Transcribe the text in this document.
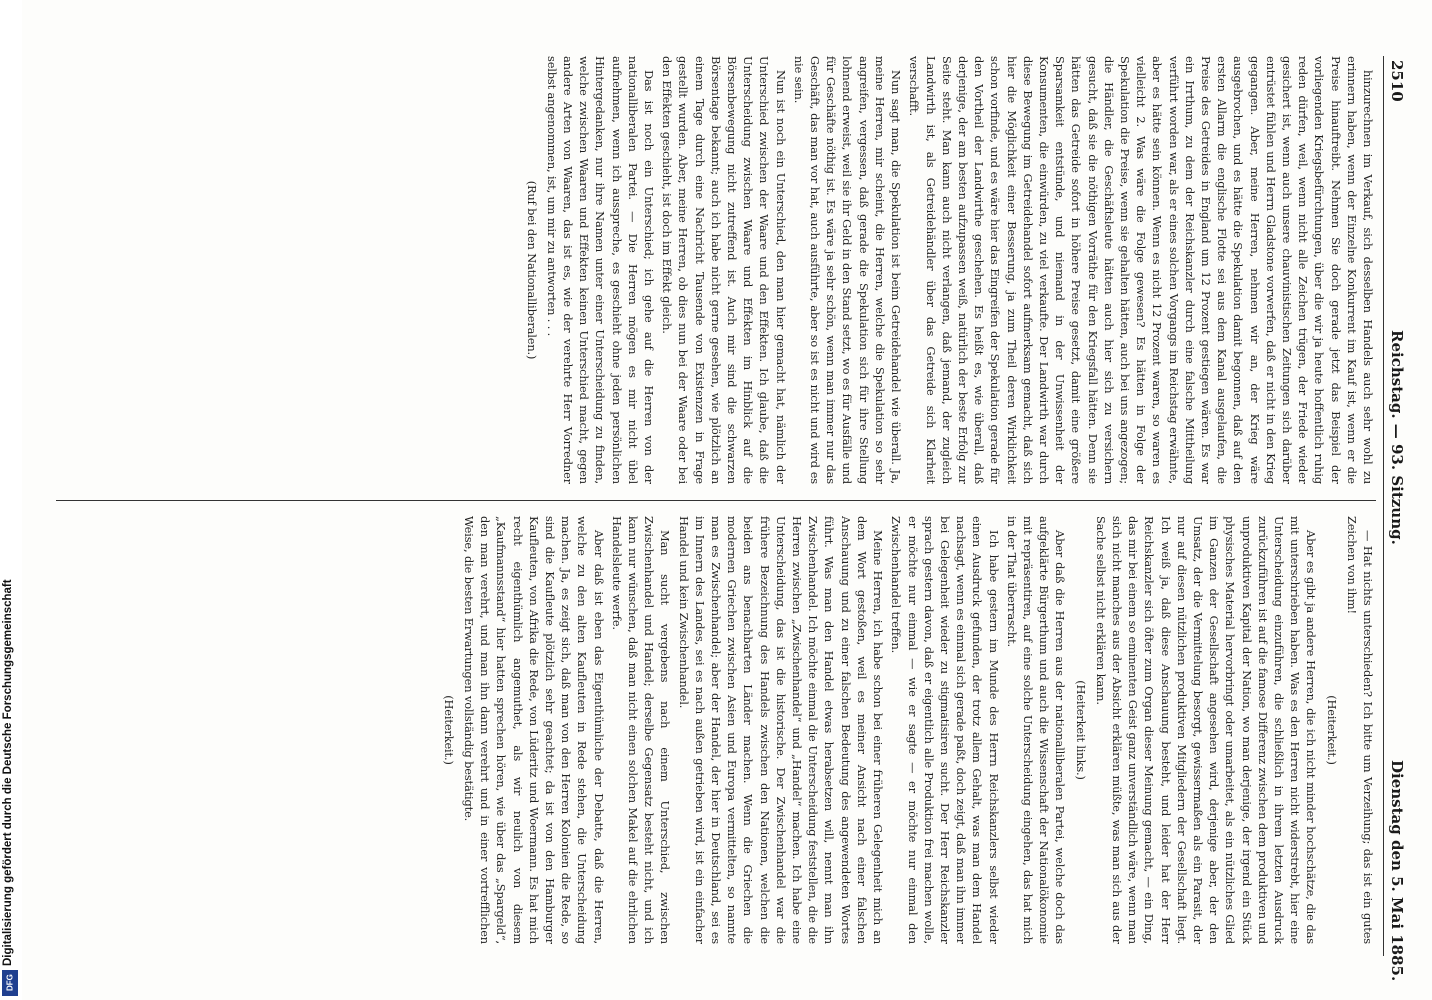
2510
Reichstag. — 93. Sitzung.
Dienstag den 5. Mai 1885.

hinzurechnen im Verkauf, sich desselben Handels auch sehr wohl zu erinnern haben, wenn der Einzelne Konkurrent im Kauf ist, wenn er die Preise hinauftreibt. Nehmen Sie doch gerade jetzt das Beispiel der vorliegenden Kriegsbefürchtungen, über die wir ja heute hoffentlich ruhig reden dürfen, weil, wenn nicht alle Zeichen trügen, der Friede wieder gesichert ist, wenn auch unsere chauvinistischen Zeitungen sich darüber entrüstet fühlen und Herrn Gladstone vorwerfen, daß er nicht in den Krieg gegangen. Aber, meine Herren, nehmen wir an, der Krieg wäre ausgebrochen, und es hätte die Spekulation damit begonnen, daß auf den ersten Allarm die englische Flotte sei aus dem Kanal ausgelaufen, die Preise des Getreides in England um 12 Prozent gestiegen wären. Es war ein Irrthum, zu dem der Reichskanzler durch eine falsche Mittheilung verführt worden war, als er eines solchen Vorgangs im Reichstag erwähnte, aber es hätte sein können. Wenn es nicht 12 Prozent waren, so waren es vielleicht 2. Was wäre die Folge gewesen? Es hätten in Folge der Spekulation die Preise, wenn sie gehalten hätten, auch bei uns angezogen; die Händler, die Geschäftsleute hätten auch hier sich zu versichern gesucht, daß sie die nöthigen Vorräthe für den Kriegsfall hätten. Denn sie hätten das Getreide sofort in höhere Preise gesetzt, damit eine größere Sparsamkeit entstünde, und niemand in der Unwissenheit der Konsumenten, die einwürden, zu viel verkaufte. Der Landwirth war durch diese Bewegung im Getreidehandel sofort aufmerksam gemacht, daß sich hier die Möglichkeit einer Besserung, ja zum Theil deren Wirklichkeit schon vorfinde, und es wäre hier das Eingreifen der Spekulation gerade für den Vortheil der Landwirthe geschehen. Es heißt es, wie überall, daß derjenige, der am besten aufzupassen weiß, natürlich der beste Erfolg zur Seite steht. Man kann auch nicht verlangen, daß jemand, der zugleich Landwirth ist, als Getreidehändler über das Getreide sich Klarheit verschafft.

Nun sagt man, die Spekulation ist beim Getreidehandel wie überall. Ja, meine Herren, mir scheint, die Herren, welche die Spekulation so sehr angreifen, vergessen, daß gerade die Spekulation sich für ihre Stellung lohnend erweist, weil sie ihr Geld in den Stand setzt, wo es für Ausfälle und für Geschäfte nöthig ist. Es wäre ja sehr schön, wenn man immer nur das Geschäft, das man vor hat, auch ausführte, aber so ist es nicht und wird es nie sein.

Nun ist noch ein Unterschied, den man hier gemacht hat, nämlich der Unterschied zwischen der Waare und den Effekten. Ich glaube, daß die Unterscheidung zwischen Waare und Effekten im Hinblick auf die Börsenbewegung nicht zutreffend ist. Auch mir sind die schwarzen Börsentage bekannt; auch ich habe nicht gerne gesehen, wie plötzlich an einem Tage durch eine Nachricht Tausende von Existenzen in Frage gestellt wurden. Aber, meine Herren, ob dies nun bei der Waare oder bei den Effekten geschieht, ist doch im Effekt gleich.

Das ist noch ein Unterschied; ich gehe auf die Herren von der nationalliberalen Partei. — Die Herren mögen es mir nicht übel aufnehmen, wenn ich ausspreche, es geschieht ohne jeden persönlichen Hintergedanken, nur ihre Namen unter einer Unterscheidung zu finden, welche zwischen Waaren und Effekten keinen Unterschied macht, gegen andere Arten von Waaren, das ist es, wie der verehrte Herr Vorredner selbst angenommen, ist, um mir zu antworten . . .

(Ruf bei den Nationalliberalen.)

— Hat nichts unterschieden? Ich bitte um Verzeihung; das ist ein gutes Zeichen von ihm!

(Heiterkeit.)

Aber es gibt ja andere Herren, die ich nicht minder hochschätze, die das mit unterschrieben haben. Was es den Herren nicht widerstrebt, hier eine Unterscheidung einzuführen, die schließlich in ihrem letzten Ausdruck zurückzuführen ist auf die famose Differenz zwischen dem produktiven und unproduktiven Kapital der Nation, wo man derjenige, der irgend ein Stück physisches Material hervorbringt oder umarbeitet, als ein nützliches Glied im Ganzen der Gesellschaft angesehen wird, derjenige aber, der den Umsatz, der die Vermittelung besorgt, gewissermaßen als ein Parasit, der nur auf diesen nützlichen produktiven Mitgliedern der Gesellschaft liegt. Ich weiß ja, daß diese Anschauung besteht, und leider hat der Herr Reichskanzler sich öfter zum Organ dieser Meinung gemacht, — ein Ding, das mir bei einem so eminenten Geist ganz unverständlich wäre, wenn man sich nicht manches aus der Absicht erklären müßte, was man sich aus der Sache selbst nicht erklären kann.

(Heiterkeit links.)

Aber daß die Herren aus der nationalliberalen Partei, welche doch das aufgeklärte Bürgerthum und auch die Wissenschaft der Nationalökonomie mit repräsentiren, auf eine solche Unterscheidung eingehen, das hat mich in der That überrascht.

Ich habe gestern im Munde des Herrn Reichskanzlers selbst wieder einen Ausdruck gefunden, der trotz allem Gehalt, was man dem Handel nachsagt, wenn es einmal sich gerade paßt, doch zeigt, daß man ihn immer bei Gelegenheit wieder zu stigmatisiren sucht. Der Herr Reichskanzler sprach gestern davon, daß er eigentlich alle Produktion frei machen wolle, er möchte nur einmal — wie er sagte — er möchte nur einmal den Zwischenhandel treffen.

Meine Herren, ich habe schon bei einer früheren Gelegenheit mich an dem Wort gestoßen, weil es meiner Ansicht nach einer falschen Anschauung und zu einer falschen Bedeutung des angewendeten Wortes führt. Was man den Handel etwas herabsetzen will, nennt man ihn Zwischenhandel. Ich möchte einmal die Unterscheidung feststellen, die die Herren zwischen „Zwischenhandel“ und „Handel“ machen. Ich habe eine Unterscheidung, das ist die historische. Der Zwischenhandel war die frühere Bezeichnung des Handels zwischen den Nationen, welchen die beiden ans benachbarten Länder machen. Wenn die Griechen die modernen Griechen zwischen Asien und Europa vermittelten, so nannte man es Zwischenhandel; aber der Handel, der hier in Deutschland, sei es im Innern des Landes, sei es nach außen getrieben wird, ist ein einfacher Handel und kein Zwischenhandel.

Man sucht vergebens nach einem Unterschied, zwischen Zwischenhandel und Handel; derselbe Gegensatz besteht nicht, und ich kann nur wünschen, daß man nicht einen solchen Makel auf die ehrlichen Handelsleute werfe.

Aber daß ist eben das Eigenthümliche der Debatte, daß die Herren, welche zu den alten Kaufleuten in Rede stehen, die Unterscheidung machen. Ja, es zeigt sich, daß man von den Herren Kolonien die Rede, so sind die Kaufleute plötzlich sehr geachtet; da ist von den Hamburger Kaufleuten, von Afrika die Rede, von Lüderitz und Woermann. Es hat mich recht eigenthümlich angemuthet, als wir neulich von diesem „Kaufmannsstand“ hier hatten sprechen hören, wie über das „Spargeld“, den man verehrt, und man ihn dann verehrt und in einer vortrefflichen Weise, die besten Erwartungen vollständig bestätigte.

(Heiterkeit.)

Digitalisierung gefördert durch die Deutsche Forschungsgemeinschaft
DFG
